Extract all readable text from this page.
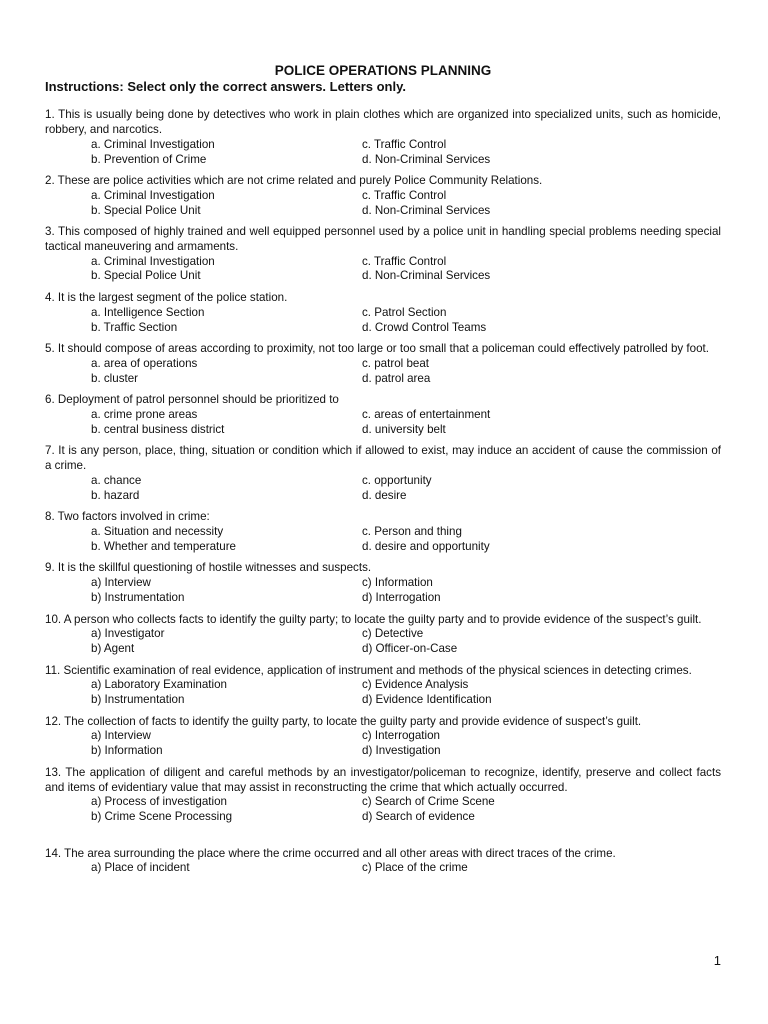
POLICE OPERATIONS PLANNING
Instructions: Select only the correct answers. Letters only.
1. This is usually being done by detectives who work in plain clothes which are organized into specialized units, such as homicide, robbery, and narcotics.
a. Criminal Investigation	c. Traffic Control
b. Prevention of Crime	d. Non-Criminal Services
2. These are police activities which are not crime related and purely Police Community Relations.
a. Criminal Investigation	c. Traffic Control
b. Special Police Unit	d. Non-Criminal Services
3. This composed of highly trained and well equipped personnel used by a police unit in handling special problems needing special tactical maneuvering and armaments.
a. Criminal Investigation	c. Traffic Control
b. Special Police Unit	d. Non-Criminal Services
4. It is the largest segment of the police station.
a. Intelligence Section	c. Patrol Section
b. Traffic Section	d. Crowd Control Teams
5. It should compose of areas according to proximity, not too large or too small that a policeman could effectively patrolled by foot.
a. area of operations	c. patrol beat
b. cluster	d. patrol area
6. Deployment of patrol personnel should be prioritized to
a. crime prone areas	c. areas of entertainment
b. central business district	d. university belt
7. It is any person, place, thing, situation or condition which if allowed to exist, may induce an accident of cause the commission of a crime.
a. chance	c. opportunity
b. hazard	d. desire
8. Two factors involved in crime:
a. Situation and necessity	c. Person and thing
b. Whether and temperature	d. desire and opportunity
9. It is the skillful questioning of hostile witnesses and suspects.
a) Interview	c) Information
b) Instrumentation	d) Interrogation
10. A person who collects facts to identify the guilty party; to locate the guilty party and to provide evidence of the suspect’s guilt.
a) Investigator	c) Detective
b) Agent	d) Officer-on-Case
11. Scientific examination of real evidence, application of instrument and methods of the physical sciences in detecting crimes.
a) Laboratory Examination	c) Evidence Analysis
b) Instrumentation	d) Evidence Identification
12. The collection of facts to identify the guilty party, to locate the guilty party and provide evidence of suspect’s guilt.
a) Interview	c) Interrogation
b) Information	d) Investigation
13. The application of diligent and careful methods by an investigator/policeman to recognize, identify, preserve and collect facts and items of evidentiary value that may assist in reconstructing the crime that which actually occurred.
a) Process of investigation	c) Search of Crime Scene
b) Crime Scene Processing	d) Search of evidence
14. The area surrounding the place where the crime occurred and all other areas with direct traces of the crime.
a) Place of incident	c) Place of the crime
1
